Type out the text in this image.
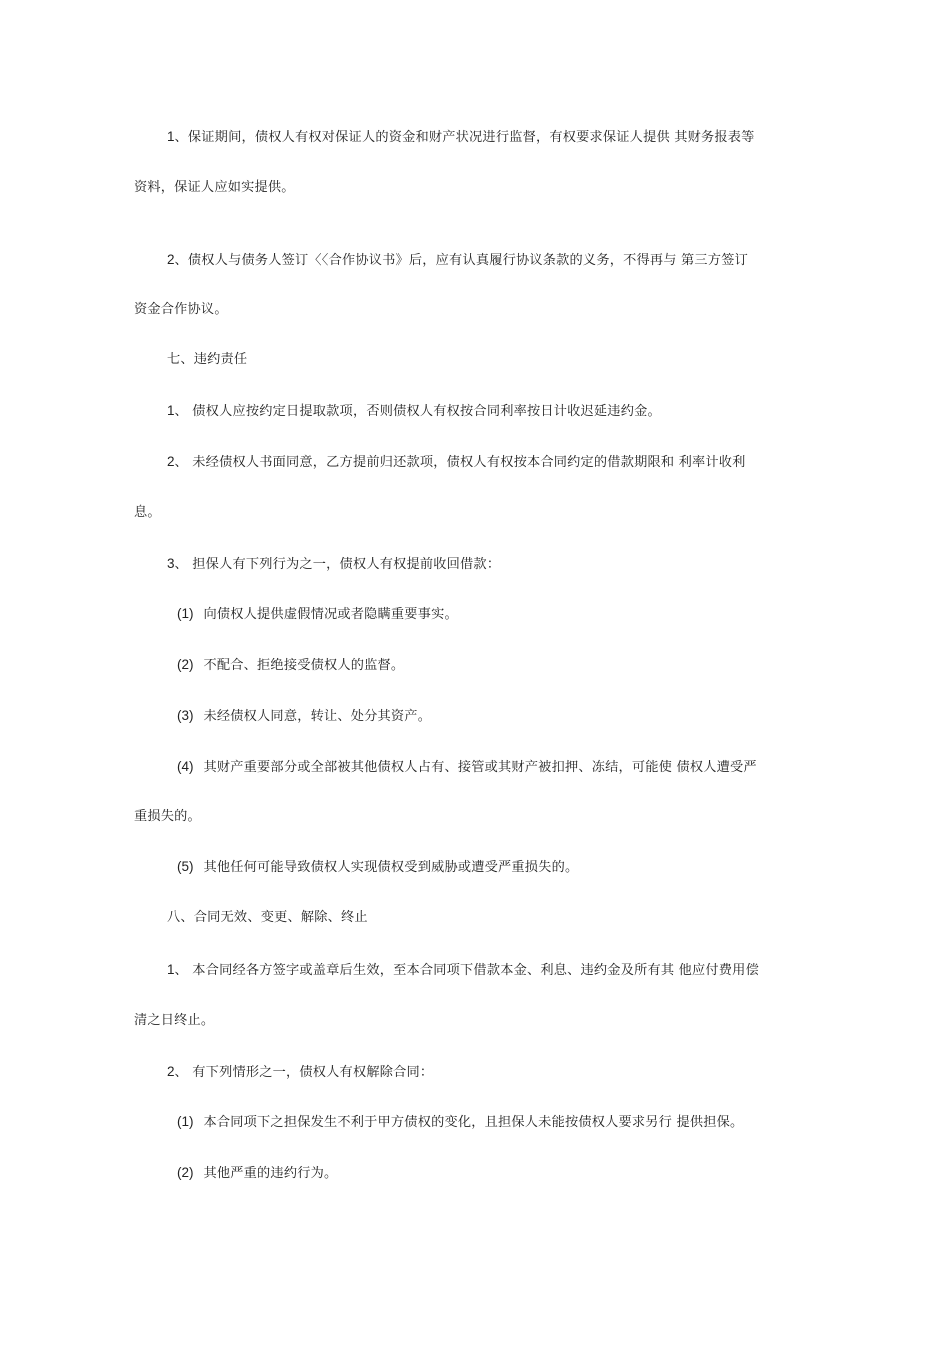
1、保证期间，债权人有权对保证人的资金和财产状况进行监督，有权要求保证人提供 其财务报表等
资料，保证人应如实提供。
2、债权人与债务人签订〈〈合作协议书》后，应有认真履行协议条款的义务，不得再与 第三方签订
资金合作协议。
七、违约责任
1、 债权人应按约定日提取款项，否则债权人有权按合同利率按日计收迟延违约金。
2、 未经债权人书面同意，乙方提前归还款项，债权人有权按本合同约定的借款期限和 利率计收利
息。
3、 担保人有下列行为之一，债权人有权提前收回借款：
(1) 向债权人提供虚假情况或者隐瞒重要事实。
(2) 不配合、拒绝接受债权人的监督。
(3) 未经债权人同意，转让、处分其资产。
(4) 其财产重要部分或全部被其他债权人占有、接管或其财产被扣押、冻结，可能使 债权人遭受严
重损失的。
(5) 其他任何可能导致债权人实现债权受到威胁或遭受严重损失的。
八、合同无效、变更、解除、终止
1、 本合同经各方签字或盖章后生效，至本合同项下借款本金、利息、违约金及所有其 他应付费用偿
清之日终止。
2、 有下列情形之一，债权人有权解除合同：
(1) 本合同项下之担保发生不利于甲方债权的变化，且担保人未能按债权人要求另行 提供担保。
(2) 其他严重的违约行为。
